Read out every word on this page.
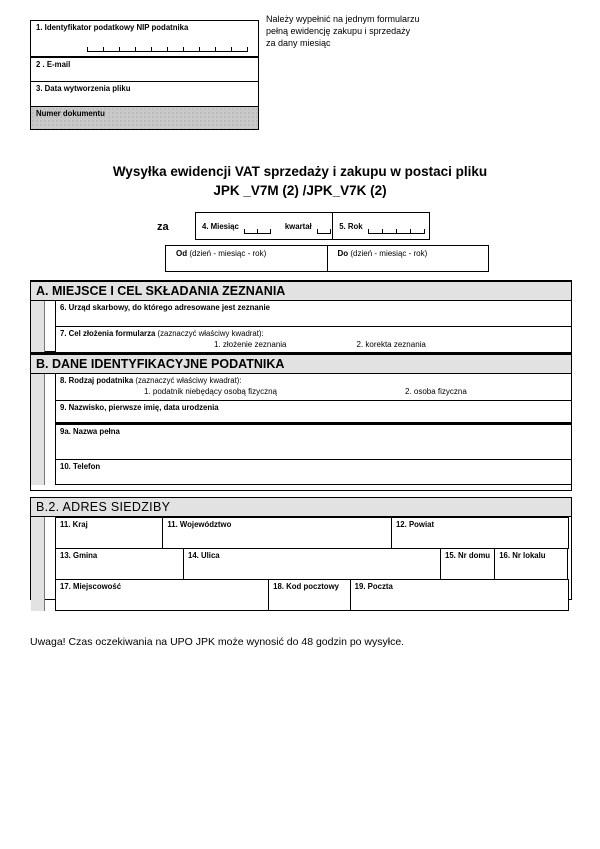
1. Identyfikator podatkowy NIP podatnika
2 . E-mail
3. Data wytworzenia pliku
Numer dokumentu
Należy wypełnić na jednym formularzu
pełną ewidencję zakupu i sprzedaży
za dany miesiąc
Wysyłka ewidencji VAT sprzedaży i zakupu w postaci pliku
JPK _V7M (2) /JPK_V7K (2)
za	4. Miesiąc	kwartał	5. Rok
Od (dzień - miesiąc - rok)	Do (dzień - miesiąc - rok)
A. MIEJSCE I CEL SKŁADANIA ZEZNANIA
6. Urząd skarbowy, do którego adresowane jest zeznanie
7. Cel złożenia formularza (zaznaczyć właściwy kwadrat):
1. złożenie zeznania	2. korekta zeznania
B. DANE IDENTYFIKACYJNE PODATNIKA
8. Rodzaj podatnika (zaznaczyć właściwy kwadrat):
1. podatnik niebędący osobą fizyczną	2. osoba fizyczna
9. Nazwisko, pierwsze imię, data urodzenia
9a. Nazwa pełna
10. Telefon
B.2. ADRES SIEDZIBY
11. Kraj	11. Województwo	12. Powiat
13. Gmina	14. Ulica	15. Nr domu	16. Nr lokalu
17. Miejscowość	18. Kod pocztowy	19. Poczta
Uwaga! Czas oczekiwania na UPO JPK może wynosić do 48 godzin po wysyłce.
